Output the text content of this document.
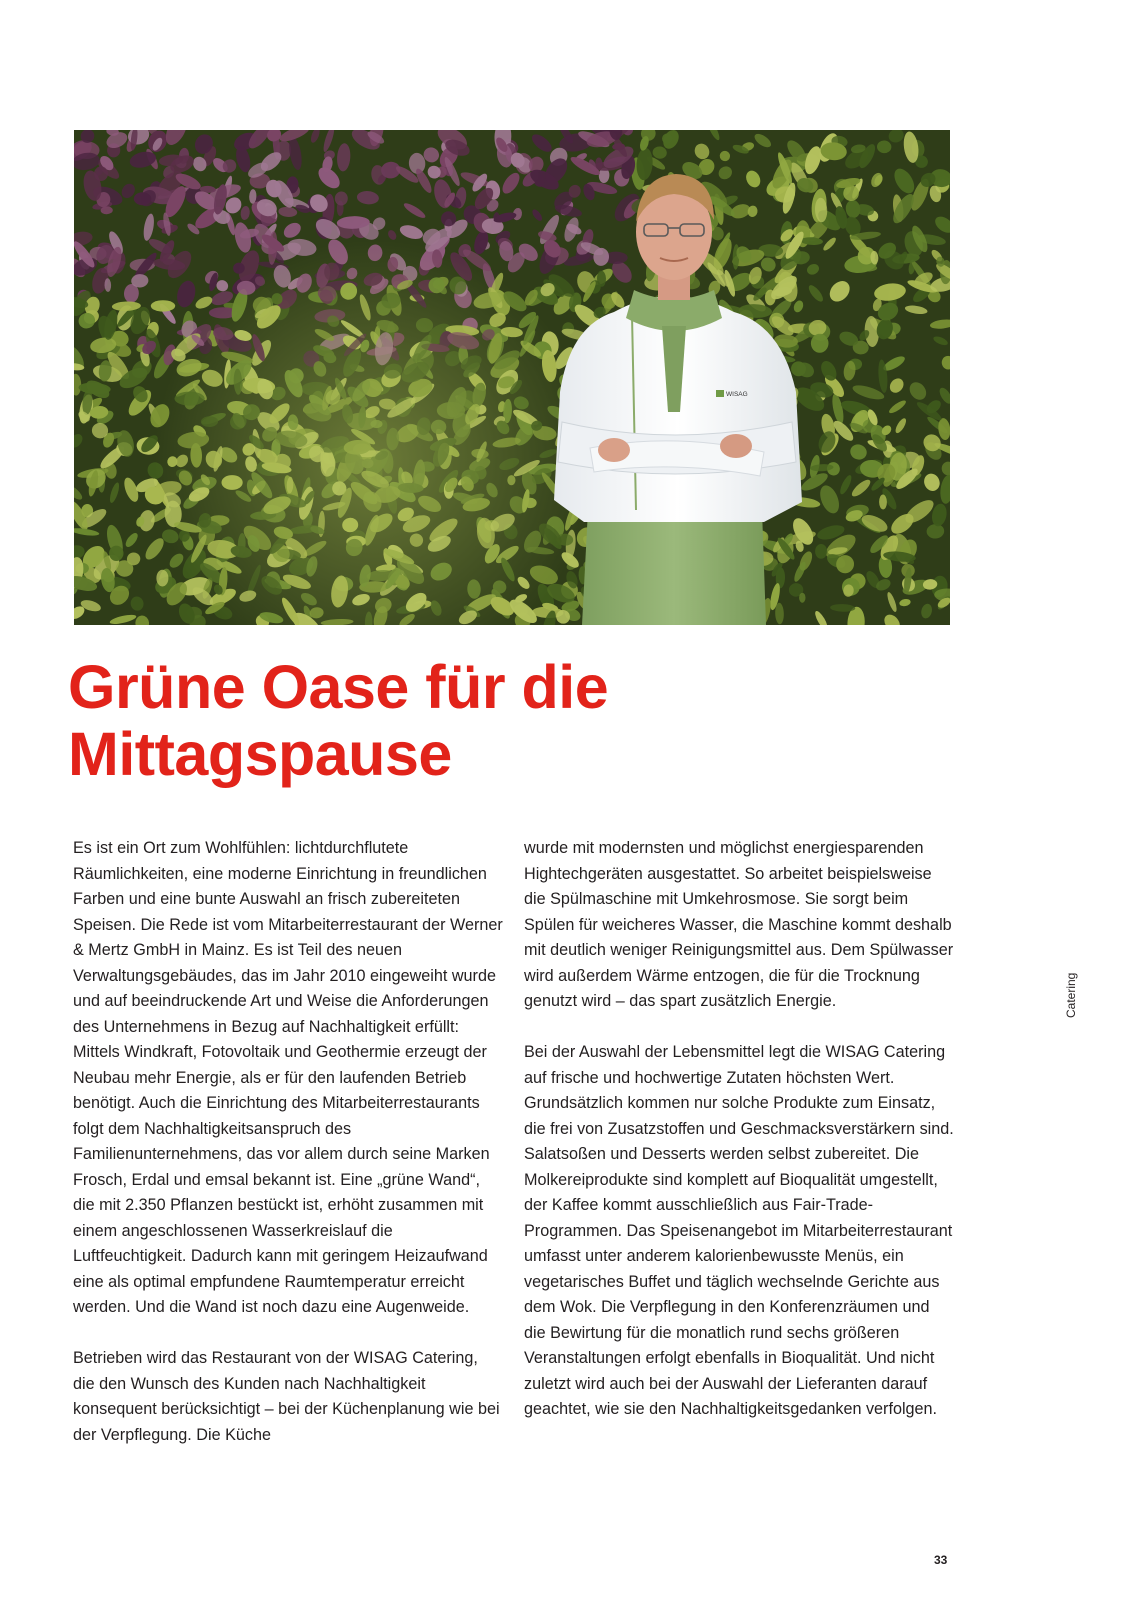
WISAG
Grüne Oase für die
Mittagspause

Es ist ein Ort zum Wohlfühlen: lichtdurchflutete Räumlichkeiten, eine moderne Einrichtung in freundlichen Farben und eine bunte Auswahl an frisch zubereiteten Speisen. Die Rede ist vom Mitarbeiterrestaurant der Werner & Mertz GmbH in Mainz. Es ist Teil des neuen Verwaltungsgebäudes, das im Jahr 2010 eingeweiht wurde und auf beeindruckende Art und Weise die Anforderungen des Unternehmens in Bezug auf Nachhaltigkeit erfüllt: Mittels Windkraft, Fotovoltaik und Geothermie erzeugt der Neubau mehr Energie, als er für den laufenden Betrieb benötigt. Auch die Einrichtung des Mitarbeiterrestaurants folgt dem Nachhaltigkeitsanspruch des Familienunternehmens, das vor allem durch seine Marken Frosch, Erdal und emsal bekannt ist. Eine „grüne Wand“, die mit 2.350 Pflanzen bestückt ist, erhöht zusammen mit einem angeschlossenen Wasserkreislauf die Luftfeuchtigkeit. Dadurch kann mit geringem Heizaufwand eine als optimal empfundene Raumtemperatur erreicht werden. Und die Wand ist noch dazu eine Augenweide.

Betrieben wird das Restaurant von der WISAG Catering, die den Wunsch des Kunden nach Nachhaltigkeit konsequent berücksichtigt – bei der Küchenplanung wie bei der Verpflegung. Die Küche

wurde mit modernsten und möglichst energiesparenden Hightechgeräten ausgestattet. So arbeitet beispielsweise die Spülmaschine mit Umkehrosmose. Sie sorgt beim Spülen für weicheres Wasser, die Maschine kommt deshalb mit deutlich weniger Reinigungsmittel aus. Dem Spülwasser wird außerdem Wärme entzogen, die für die Trocknung genutzt wird – das spart zusätzlich Energie.

Bei der Auswahl der Lebensmittel legt die WISAG Catering auf frische und hochwertige Zutaten höchsten Wert. Grundsätzlich kommen nur solche Produkte zum Einsatz, die frei von Zusatzstoffen und Geschmacksverstärkern sind. Salatsoßen und Desserts werden selbst zubereitet. Die Molkereiprodukte sind komplett auf Bioqualität umgestellt, der Kaffee kommt ausschließlich aus Fair-Trade-Programmen. Das Speisenangebot im Mitarbeiterrestaurant umfasst unter anderem kalorienbewusste Menüs, ein vegetarisches Buffet und täglich wechselnde Gerichte aus dem Wok. Die Verpflegung in den Konferenzräumen und die Bewirtung für die monatlich rund sechs größeren Veranstaltungen erfolgt ebenfalls in Bioqualität. Und nicht zuletzt wird auch bei der Auswahl der Lieferanten darauf geachtet, wie sie den Nachhaltigkeitsgedanken verfolgen.

Catering
33
